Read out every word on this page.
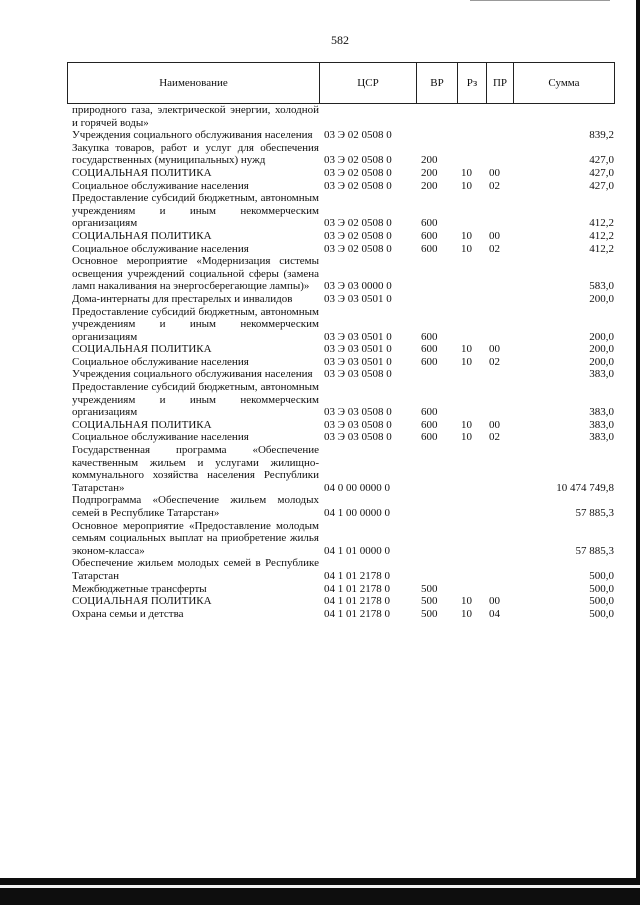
582
Наименование	ЦСР	ВР	Рз	ПР	Сумма
природного газа, электрической энергии, холодной и горячей воды»					
Учреждения социального обслуживания населения	03 Э 02 0508 0				839,2
Закупка товаров, работ и услуг для обеспечения государственных (муниципальных) нужд	03 Э 02 0508 0	200			427,0
СОЦИАЛЬНАЯ ПОЛИТИКА	03 Э 02 0508 0	200	10	00	427,0
Социальное обслуживание населения	03 Э 02 0508 0	200	10	02	427,0
Предоставление субсидий бюджетным, автономным учреждениям и иным некоммерческим организациям	03 Э 02 0508 0	600			412,2
СОЦИАЛЬНАЯ ПОЛИТИКА	03 Э 02 0508 0	600	10	00	412,2
Социальное обслуживание населения	03 Э 02 0508 0	600	10	02	412,2
Основное мероприятие «Модернизация системы освещения учреждений социальной сферы (замена ламп накаливания на энергосберегающие лампы)»	03 Э 03 0000 0				583,0
Дома-интернаты для престарелых и инвалидов	03 Э 03 0501 0				200,0
Предоставление субсидий бюджетным, автономным учреждениям и иным некоммерческим организациям	03 Э 03 0501 0	600			200,0
СОЦИАЛЬНАЯ ПОЛИТИКА	03 Э 03 0501 0	600	10	00	200,0
Социальное обслуживание населения	03 Э 03 0501 0	600	10	02	200,0
Учреждения социального обслуживания населения	03 Э 03 0508 0				383,0
Предоставление субсидий бюджетным, автономным учреждениям и иным некоммерческим организациям	03 Э 03 0508 0	600			383,0
СОЦИАЛЬНАЯ ПОЛИТИКА	03 Э 03 0508 0	600	10	00	383,0
Социальное обслуживание населения	03 Э 03 0508 0	600	10	02	383,0
Государственная программа «Обеспечение качественным жильем и услугами жилищно-коммунального хозяйства населения Республики Татарстан»	04 0 00 0000 0				10 474 749,8
Подпрограмма «Обеспечение жильем молодых семей в Республике Татарстан»	04 1 00 0000 0				57 885,3
Основное мероприятие «Предоставление молодым семьям социальных выплат на приобретение жилья эконом-класса»	04 1 01 0000 0				57 885,3
Обеспечение жильем молодых семей в Республике Татарстан	04 1 01 2178 0				500,0
Межбюджетные трансферты	04 1 01 2178 0	500			500,0
СОЦИАЛЬНАЯ ПОЛИТИКА	04 1 01 2178 0	500	10	00	500,0
Охрана семьи и детства	04 1 01 2178 0	500	10	04	500,0
